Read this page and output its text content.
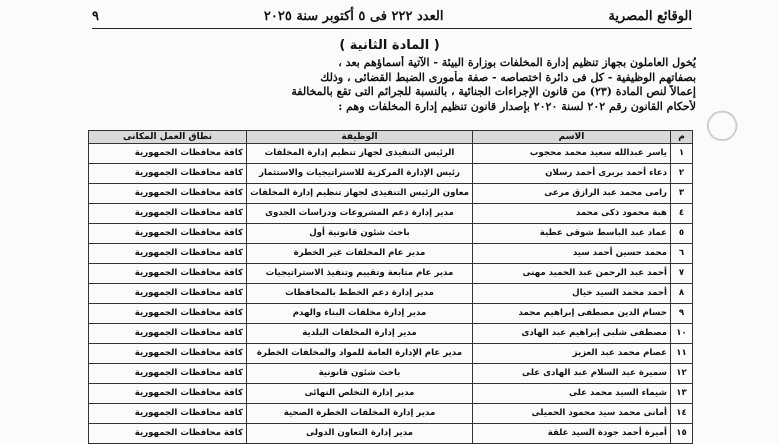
الوقائع المصرية
العدد ٢٢٢ فى ٥ أكتوبر سنة ٢٠٢٥
٩
( المادة الثانية )

يُخول العاملون بجهاز تنظيم إدارة المخلفات بوزارة البيئة - الآتية أسماؤهم بعد ،

بصفاتهم الوظيفية - كل فى دائرة اختصاصه - صفة مأمورى الضبط القضائى ، وذلك

إعمالاً لنص المادة (٢٣) من قانون الإجراءات الجنائية ، بالنسبة للجرائم التى تقع بالمخالفة

لأحكام القانون رقم ٢٠٢ لسنة ٢٠٢٠ بإصدار قانون تنظيم إدارة المخلفات وهم :

م	الاسم	الوظيفة	نطاق العمل المكانى
١	ياسر عبدالله سعيد محمد محجوب	الرئيس التنفيذى لجهاز تنظيم إدارة المخلفات	كافة محافظات الجمهورية
٢	دعاء أحمد بربرى أحمد رسلان	رئيس الإدارة المركزية للاستراتيجيات والاستثمار	كافة محافظات الجمهورية
٣	رامى محمد عبد الرازق مرعى	معاون الرئيس التنفيذى لجهاز تنظيم إدارة المخلفات	كافة محافظات الجمهورية
٤	هبة محمود ذكى محمد	مدير إدارة دعم المشروعات ودراسات الجدوى	كافة محافظات الجمهورية
٥	عماد عبد الباسط شوقى عطية	باحث شئون قانونية أول	كافة محافظات الجمهورية
٦	محمد حسين أحمد سيد	مدير عام المخلفات غير الخطرة	كافة محافظات الجمهورية
٧	أحمد عبد الرحمن عبد الحميد مهنى	مدير عام متابعة وتقييم وتنفيذ الاستراتيجيات	كافة محافظات الجمهورية
٨	أحمد محمد السيد خيال	مدير إدارة دعم الخطط بالمحافظات	كافة محافظات الجمهورية
٩	حسام الدين مصطفى إبراهيم محمد	مدير إدارة مخلفات البناء والهدم	كافة محافظات الجمهورية
١٠	مصطفى شلبى إبراهيم عبد الهادى	مدير إدارة المخلفات البلدية	كافة محافظات الجمهورية
١١	عصام محمد عبد العزيز	مدير عام الإدارة العامة للمواد والمخلفات الخطرة	كافة محافظات الجمهورية
١٢	سميرة عبد السلام عبد الهادى على	باحث شئون قانونية	كافة محافظات الجمهورية
١٣	شيماء السيد محمد على	مدير إدارة التخلص النهائى	كافة محافظات الجمهورية
١٤	أمانى محمد سيد محمود الحميلى	مدير إدارة المخلفات الخطرة الصحية	كافة محافظات الجمهورية
١٥	أميرة أحمد جودة السيد علقة	مدير إدارة التعاون الدولى	كافة محافظات الجمهورية
◯
